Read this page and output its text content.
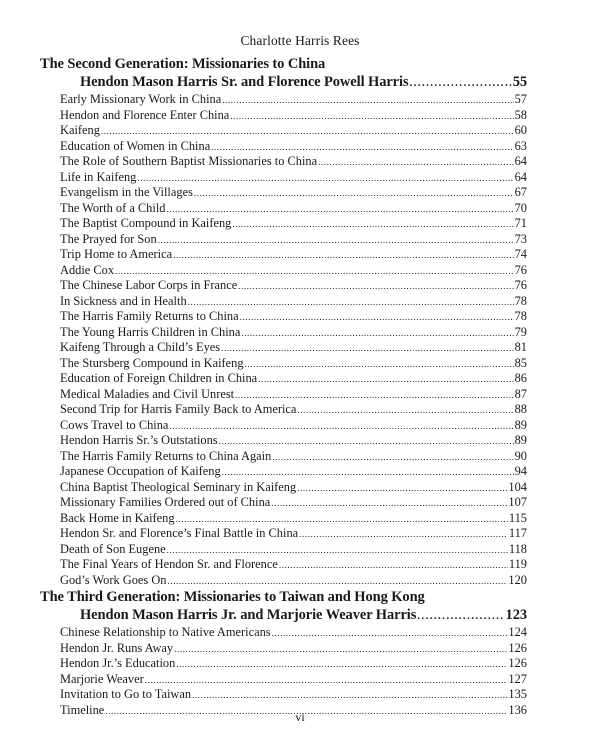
Charlotte Harris Rees
The Second Generation: Missionaries to China
Hendon Mason Harris Sr. and Florence Powell Harris .....	55
Early Missionary Work in China .....	57
Hendon and Florence Enter China .....	58
Kaifeng .....	60
Education of Women in China .....	63
The Role of Southern Baptist Missionaries to China .....	64
Life in Kaifeng .....	64
Evangelism in the Villages .....	67
The Worth of a Child .....	70
The Baptist Compound in Kaifeng .....	71
The Prayed for Son .....	73
Trip Home to America .....	74
Addie Cox .....	76
The Chinese Labor Corps in France .....	76
In Sickness and in Health .....	78
The Harris Family Returns to China .....	78
The Young Harris Children in China .....	79
Kaifeng Through a Child’s Eyes .....	81
The Stursberg Compound in Kaifeng .....	85
Education of Foreign Children in China .....	86
Medical Maladies and Civil Unrest .....	87
Second Trip for Harris Family Back to America .....	88
Cows Travel to China .....	89
Hendon Harris Sr.’s Outstations .....	89
The Harris Family Returns to China Again .....	90
Japanese Occupation of Kaifeng .....	94
China Baptist Theological Seminary in Kaifeng .....	104
Missionary Families Ordered out of China .....	107
Back Home in Kaifeng .....	115
Hendon Sr. and Florence’s Final Battle in China .....	117
Death of Son Eugene .....	118
The Final Years of Hendon Sr. and Florence .....	119
God’s Work Goes On .....	120
The Third Generation: Missionaries to Taiwan and Hong Kong
Hendon Mason Harris Jr. and Marjorie Weaver Harris .....	123
Chinese Relationship to Native Americans .....	124
Hendon Jr. Runs Away .....	126
Hendon Jr.’s Education .....	126
Marjorie Weaver .....	127
Invitation to Go to Taiwan .....	135
Timeline .....	136
vi
